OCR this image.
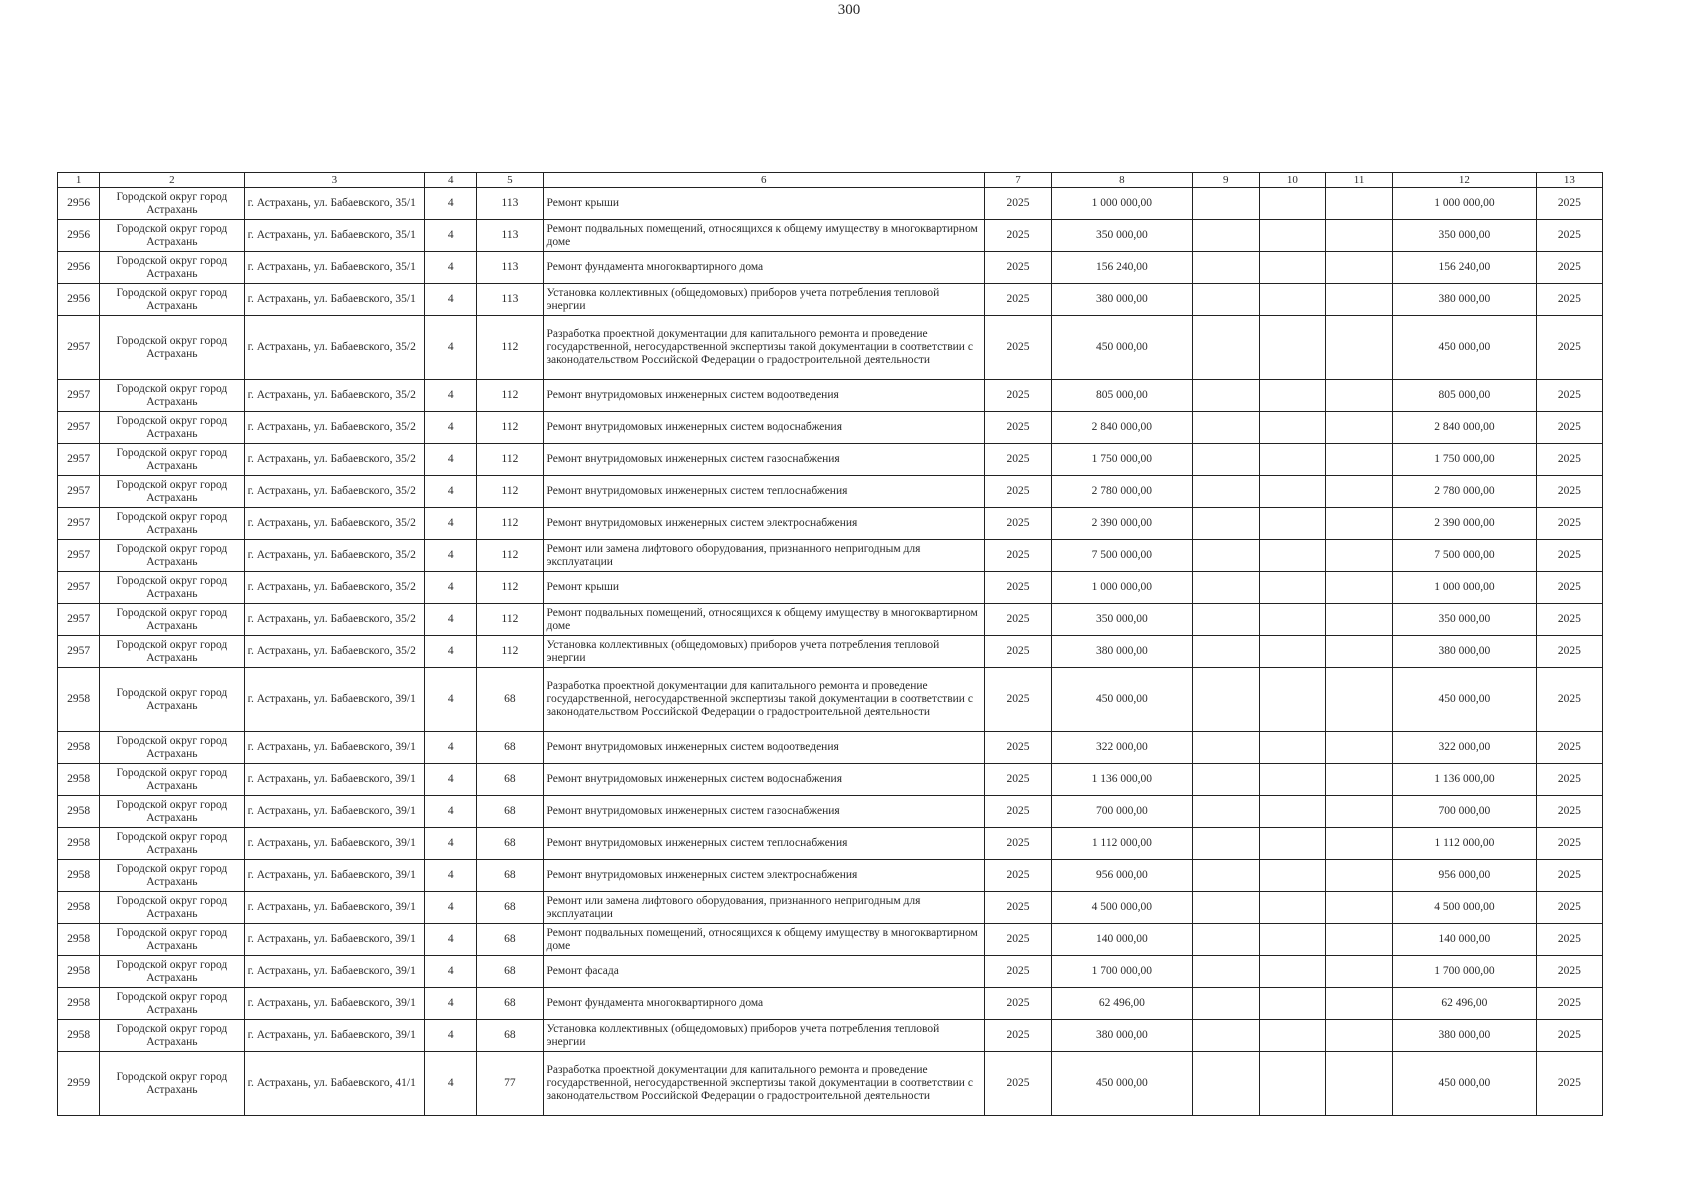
300
1	2	3	4	5	6	7	8	9	10	11	12	13
2956	Городской округ город Астрахань	г. Астрахань, ул. Бабаевского, 35/1	4	113	Ремонт крыши	2025	1 000 000,00				1 000 000,00	2025
2956	Городской округ город Астрахань	г. Астрахань, ул. Бабаевского, 35/1	4	113	Ремонт подвальных помещений, относящихся к общему имуществу в многоквартирном доме	2025	350 000,00				350 000,00	2025
2956	Городской округ город Астрахань	г. Астрахань, ул. Бабаевского, 35/1	4	113	Ремонт фундамента многоквартирного дома	2025	156 240,00				156 240,00	2025
2956	Городской округ город Астрахань	г. Астрахань, ул. Бабаевского, 35/1	4	113	Установка коллективных (общедомовых) приборов учета потребления тепловой энергии	2025	380 000,00				380 000,00	2025
2957	Городской округ город Астрахань	г. Астрахань, ул. Бабаевского, 35/2	4	112	Разработка проектной документации для капитального ремонта и проведение государственной, негосударственной экспертизы такой документации в соответствии с законодательством Российской Федерации о градостроительной деятельности	2025	450 000,00				450 000,00	2025
2957	Городской округ город Астрахань	г. Астрахань, ул. Бабаевского, 35/2	4	112	Ремонт внутридомовых инженерных систем водоотведения	2025	805 000,00				805 000,00	2025
2957	Городской округ город Астрахань	г. Астрахань, ул. Бабаевского, 35/2	4	112	Ремонт внутридомовых инженерных систем водоснабжения	2025	2 840 000,00				2 840 000,00	2025
2957	Городской округ город Астрахань	г. Астрахань, ул. Бабаевского, 35/2	4	112	Ремонт внутридомовых инженерных систем газоснабжения	2025	1 750 000,00				1 750 000,00	2025
2957	Городской округ город Астрахань	г. Астрахань, ул. Бабаевского, 35/2	4	112	Ремонт внутридомовых инженерных систем теплоснабжения	2025	2 780 000,00				2 780 000,00	2025
2957	Городской округ город Астрахань	г. Астрахань, ул. Бабаевского, 35/2	4	112	Ремонт внутридомовых инженерных систем электроснабжения	2025	2 390 000,00				2 390 000,00	2025
2957	Городской округ город Астрахань	г. Астрахань, ул. Бабаевского, 35/2	4	112	Ремонт или замена лифтового оборудования, признанного непригодным для эксплуатации	2025	7 500 000,00				7 500 000,00	2025
2957	Городской округ город Астрахань	г. Астрахань, ул. Бабаевского, 35/2	4	112	Ремонт крыши	2025	1 000 000,00				1 000 000,00	2025
2957	Городской округ город Астрахань	г. Астрахань, ул. Бабаевского, 35/2	4	112	Ремонт подвальных помещений, относящихся к общему имуществу в многоквартирном доме	2025	350 000,00				350 000,00	2025
2957	Городской округ город Астрахань	г. Астрахань, ул. Бабаевского, 35/2	4	112	Установка коллективных (общедомовых) приборов учета потребления тепловой энергии	2025	380 000,00				380 000,00	2025
2958	Городской округ город Астрахань	г. Астрахань, ул. Бабаевского, 39/1	4	68	Разработка проектной документации для капитального ремонта и проведение государственной, негосударственной экспертизы такой документации в соответствии с законодательством Российской Федерации о градостроительной деятельности	2025	450 000,00				450 000,00	2025
2958	Городской округ город Астрахань	г. Астрахань, ул. Бабаевского, 39/1	4	68	Ремонт внутридомовых инженерных систем водоотведения	2025	322 000,00				322 000,00	2025
2958	Городской округ город Астрахань	г. Астрахань, ул. Бабаевского, 39/1	4	68	Ремонт внутридомовых инженерных систем водоснабжения	2025	1 136 000,00				1 136 000,00	2025
2958	Городской округ город Астрахань	г. Астрахань, ул. Бабаевского, 39/1	4	68	Ремонт внутридомовых инженерных систем газоснабжения	2025	700 000,00				700 000,00	2025
2958	Городской округ город Астрахань	г. Астрахань, ул. Бабаевского, 39/1	4	68	Ремонт внутридомовых инженерных систем теплоснабжения	2025	1 112 000,00				1 112 000,00	2025
2958	Городской округ город Астрахань	г. Астрахань, ул. Бабаевского, 39/1	4	68	Ремонт внутридомовых инженерных систем электроснабжения	2025	956 000,00				956 000,00	2025
2958	Городской округ город Астрахань	г. Астрахань, ул. Бабаевского, 39/1	4	68	Ремонт или замена лифтового оборудования, признанного непригодным для эксплуатации	2025	4 500 000,00				4 500 000,00	2025
2958	Городской округ город Астрахань	г. Астрахань, ул. Бабаевского, 39/1	4	68	Ремонт подвальных помещений, относящихся к общему имуществу в многоквартирном доме	2025	140 000,00				140 000,00	2025
2958	Городской округ город Астрахань	г. Астрахань, ул. Бабаевского, 39/1	4	68	Ремонт фасада	2025	1 700 000,00				1 700 000,00	2025
2958	Городской округ город Астрахань	г. Астрахань, ул. Бабаевского, 39/1	4	68	Ремонт фундамента многоквартирного дома	2025	62 496,00				62 496,00	2025
2958	Городской округ город Астрахань	г. Астрахань, ул. Бабаевского, 39/1	4	68	Установка коллективных (общедомовых) приборов учета потребления тепловой энергии	2025	380 000,00				380 000,00	2025
2959	Городской округ город Астрахань	г. Астрахань, ул. Бабаевского, 41/1	4	77	Разработка проектной документации для капитального ремонта и проведение государственной, негосударственной экспертизы такой документации в соответствии с законодательством Российской Федерации о градостроительной деятельности	2025	450 000,00				450 000,00	2025
